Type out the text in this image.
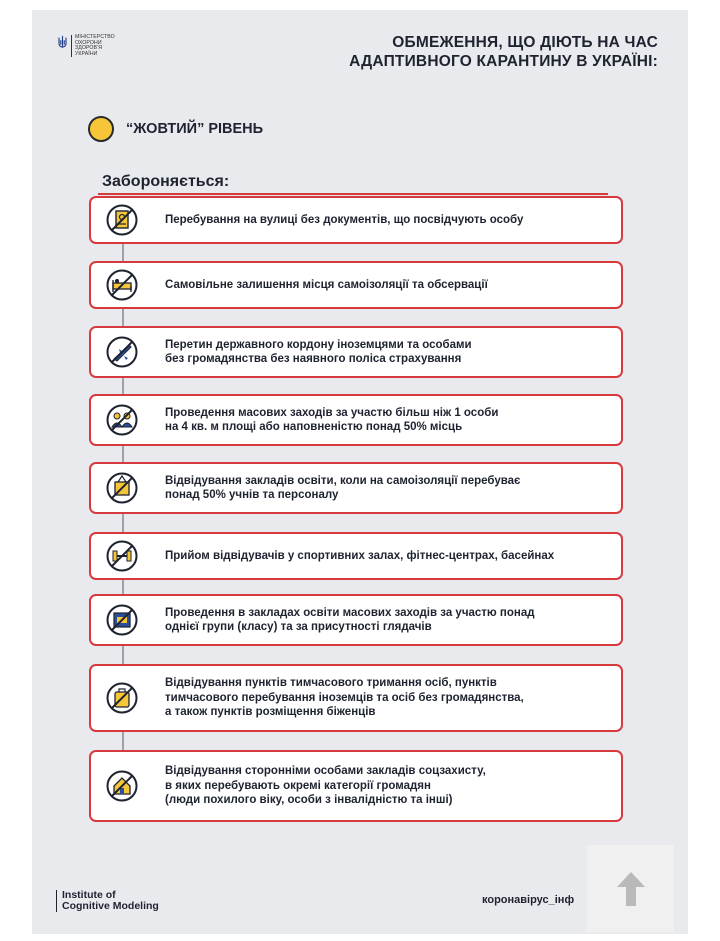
МІНІСТЕРСТВО
ОХОРОНИ
ЗДОРОВ'Я
УКРАЇНИ
ОБМЕЖЕННЯ, ЩО ДІЮТЬ НА ЧАС
АДАПТИВНОГО КАРАНТИНУ В УКРАЇНІ:
“ЖОВТИЙ” РІВЕНЬ
Забороняється:
Перебування на вулиці без документів, що посвідчують особу
Самовільне залишення місця самоізоляції та обсервації
Перетин державного кордону іноземцями та особами
без громадянства без наявного поліса страхування
Проведення масових заходів за участю більш ніж 1 особи
на 4 кв. м площі або наповненістю понад 50% місць
Відвідування закладів освіти, коли на самоізоляції перебуває
понад 50% учнів та персоналу
Прийом відвідувачів у спортивних залах, фітнес-центрах, басейнах
Проведення в закладах освіти масових заходів за участю понад
однієї групи (класу) та за присутності глядачів
Відвідування пунктів тимчасового тримання осіб, пунктів
тимчасового перебування іноземців та осіб без громадянства,
а також пунктів розміщення біженців
Відвідування сторонніми особами закладів соцзахисту,
в яких перебувають окремі категорії громадян
(люди похилого віку, особи з інвалідністю та інші)
Institute of
Cognitive Modeling	коронавірус_інф
